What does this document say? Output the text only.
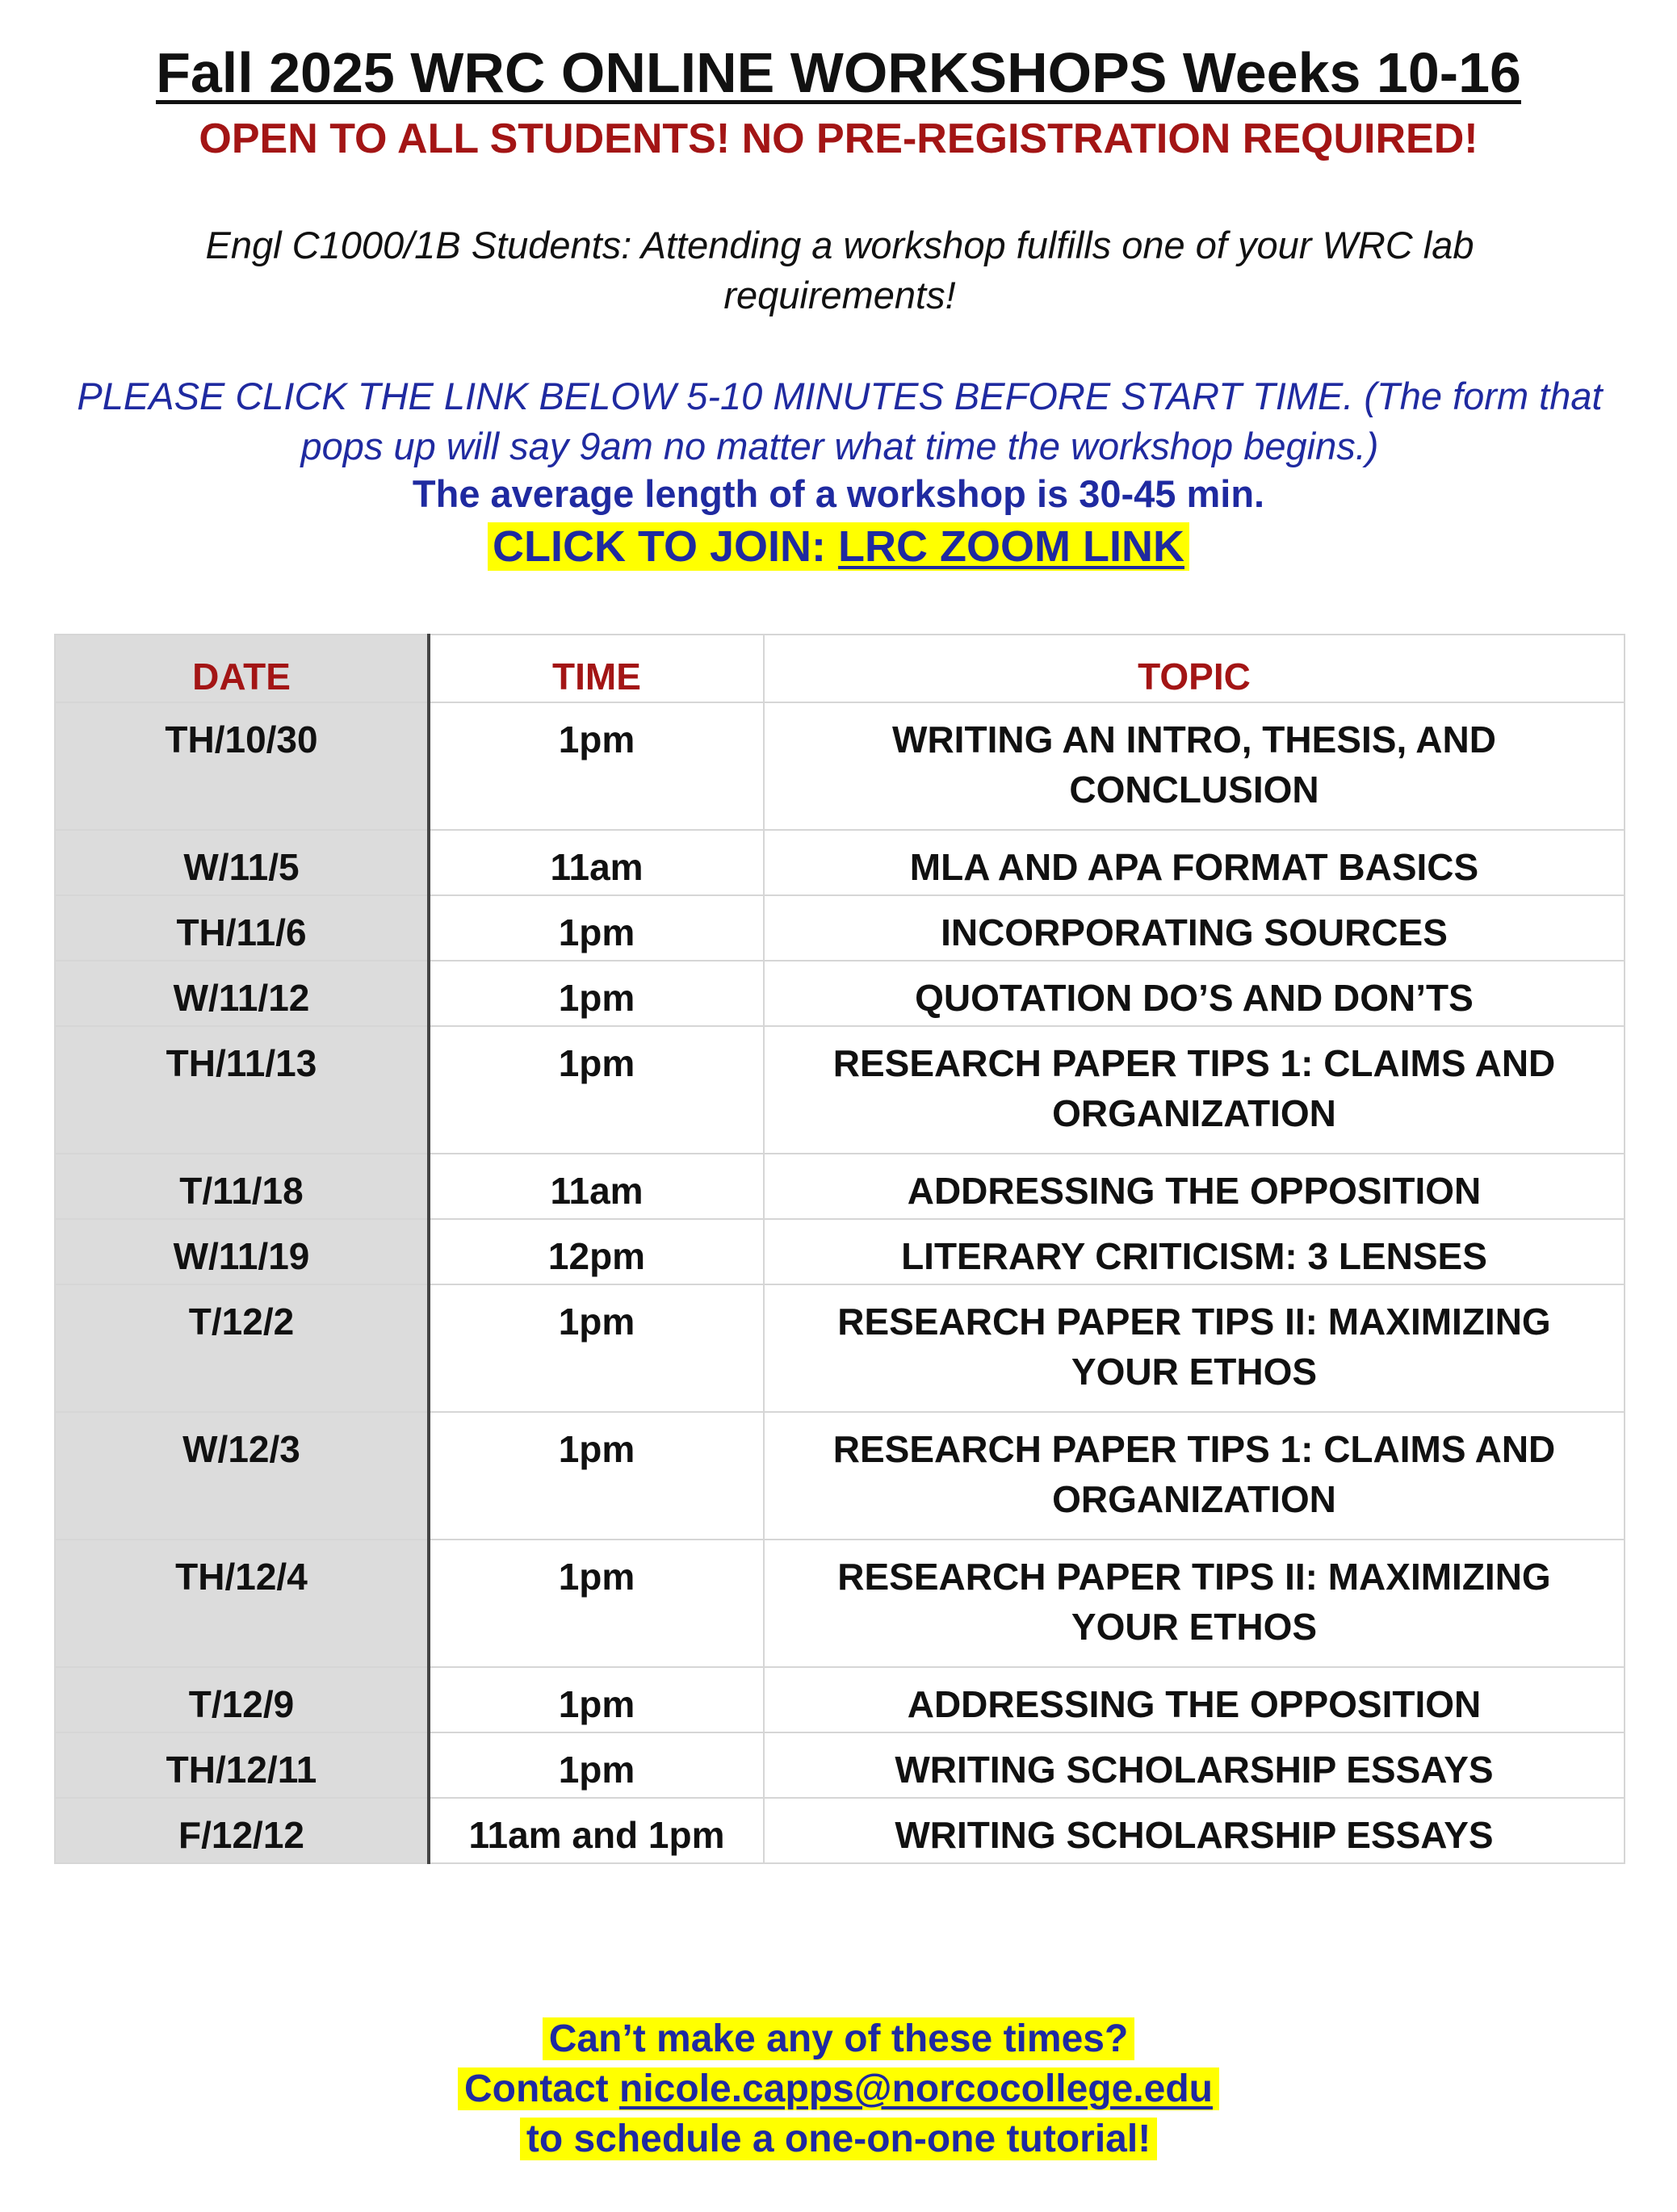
Fall 2025 WRC ONLINE WORKSHOPS Weeks 10-16

OPEN TO ALL STUDENTS! NO PRE-REGISTRATION REQUIRED!

Engl C1000/1B Students: Attending a workshop fulfills one of your WRC lab requirements!

PLEASE CLICK THE LINK BELOW 5-10 MINUTES BEFORE START TIME. (The form that pops up will say 9am no matter what time the workshop begins.)

The average length of a workshop is 30-45 min.

CLICK TO JOIN: LRC ZOOM LINK

DATE	TIME	TOPIC
TH/10/30	1pm	WRITING AN INTRO, THESIS, AND CONCLUSION
W/11/5	11am	MLA AND APA FORMAT BASICS
TH/11/6	1pm	INCORPORATING SOURCES
W/11/12	1pm	QUOTATION DO’S AND DON’TS
TH/11/13	1pm	RESEARCH PAPER TIPS 1: CLAIMS AND ORGANIZATION
T/11/18	11am	ADDRESSING THE OPPOSITION
W/11/19	12pm	LITERARY CRITICISM: 3 LENSES
T/12/2	1pm	RESEARCH PAPER TIPS II: MAXIMIZING YOUR ETHOS
W/12/3	1pm	RESEARCH PAPER TIPS 1: CLAIMS AND ORGANIZATION
TH/12/4	1pm	RESEARCH PAPER TIPS II: MAXIMIZING YOUR ETHOS
T/12/9	1pm	ADDRESSING THE OPPOSITION
TH/12/11	1pm	WRITING SCHOLARSHIP ESSAYS
F/12/12	11am and 1pm	WRITING SCHOLARSHIP ESSAYS
Can’t make any of these times?
Contact nicole.capps@norcocollege.edu
to schedule a one-on-one tutorial!
